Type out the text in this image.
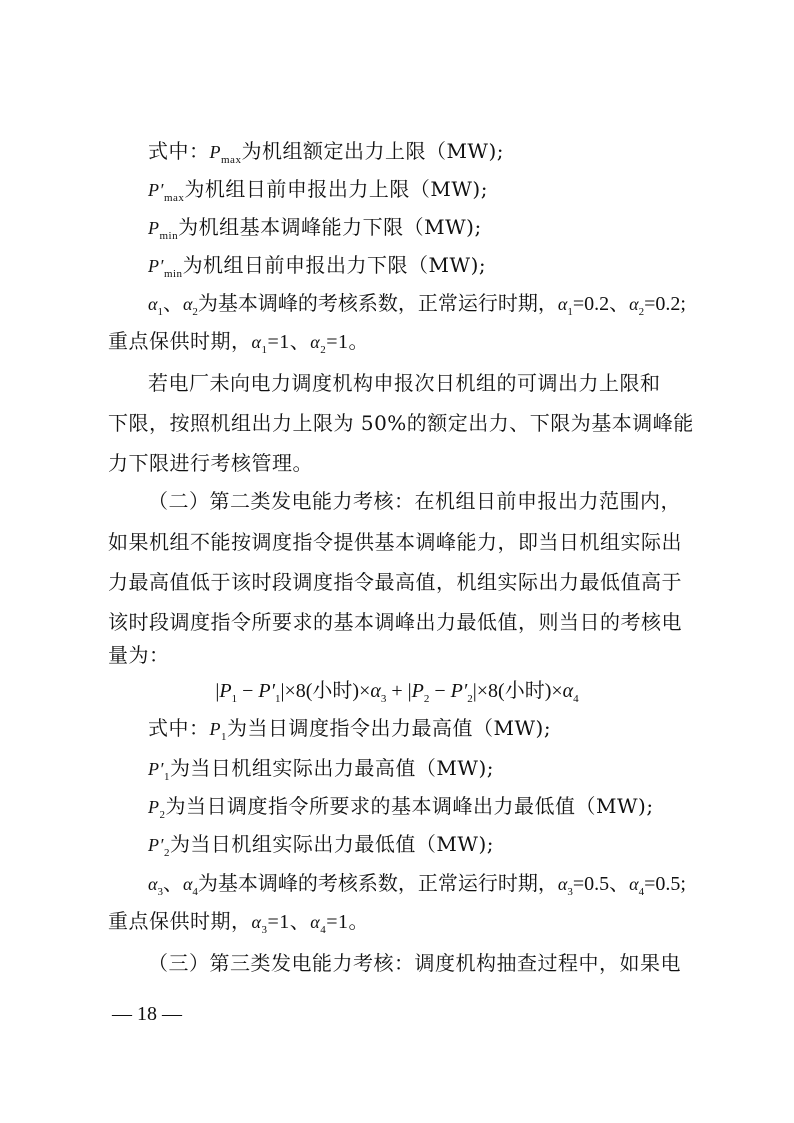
式中：$P_{max}$为机组额定出力上限（MW);
$P'_{max}$为机组日前申报出力上限（MW);
$P_{min}$为机组基本调峰能力下限（MW);
$P'_{min}$为机组日前申报出力下限（MW);
$\alpha_1$、$\alpha_2$为基本调峰的考核系数，正常运行时期，$\alpha_1=0.2$、$\alpha_2=0.2$;
重点保供时期，$\alpha_1=1$、$\alpha_2=1$。
若电厂未向电力调度机构申报次日机组的可调出力上限和
下限，按照机组出力上限为 50%的额定出力、下限为基本调峰能
力下限进行考核管理。
（二）第二类发电能力考核：在机组日前申报出力范围内，
如果机组不能按调度指令提供基本调峰能力，即当日机组实际出
力最高值低于该时段调度指令最高值，机组实际出力最低值高于
该时段调度指令所要求的基本调峰出力最低值，则当日的考核电
量为：
$|P_1 - P'_1|\times 8$(小时)$\times\alpha_3 + |P_2 - P'_2|\times 8$(小时)$\times\alpha_4$
式中：$P_1$为当日调度指令出力最高值（MW);
$P'_1$为当日机组实际出力最高值（MW);
$P_2$为当日调度指令所要求的基本调峰出力最低值（MW);
$P'_2$为当日机组实际出力最低值（MW);
$\alpha_3$、$\alpha_4$为基本调峰的考核系数，正常运行时期，$\alpha_3=0.5$、$\alpha_4=0.5$;
重点保供时期，$\alpha_3=1$、$\alpha_4=1$。
（三）第三类发电能力考核：调度机构抽查过程中，如果电
— 18 —
